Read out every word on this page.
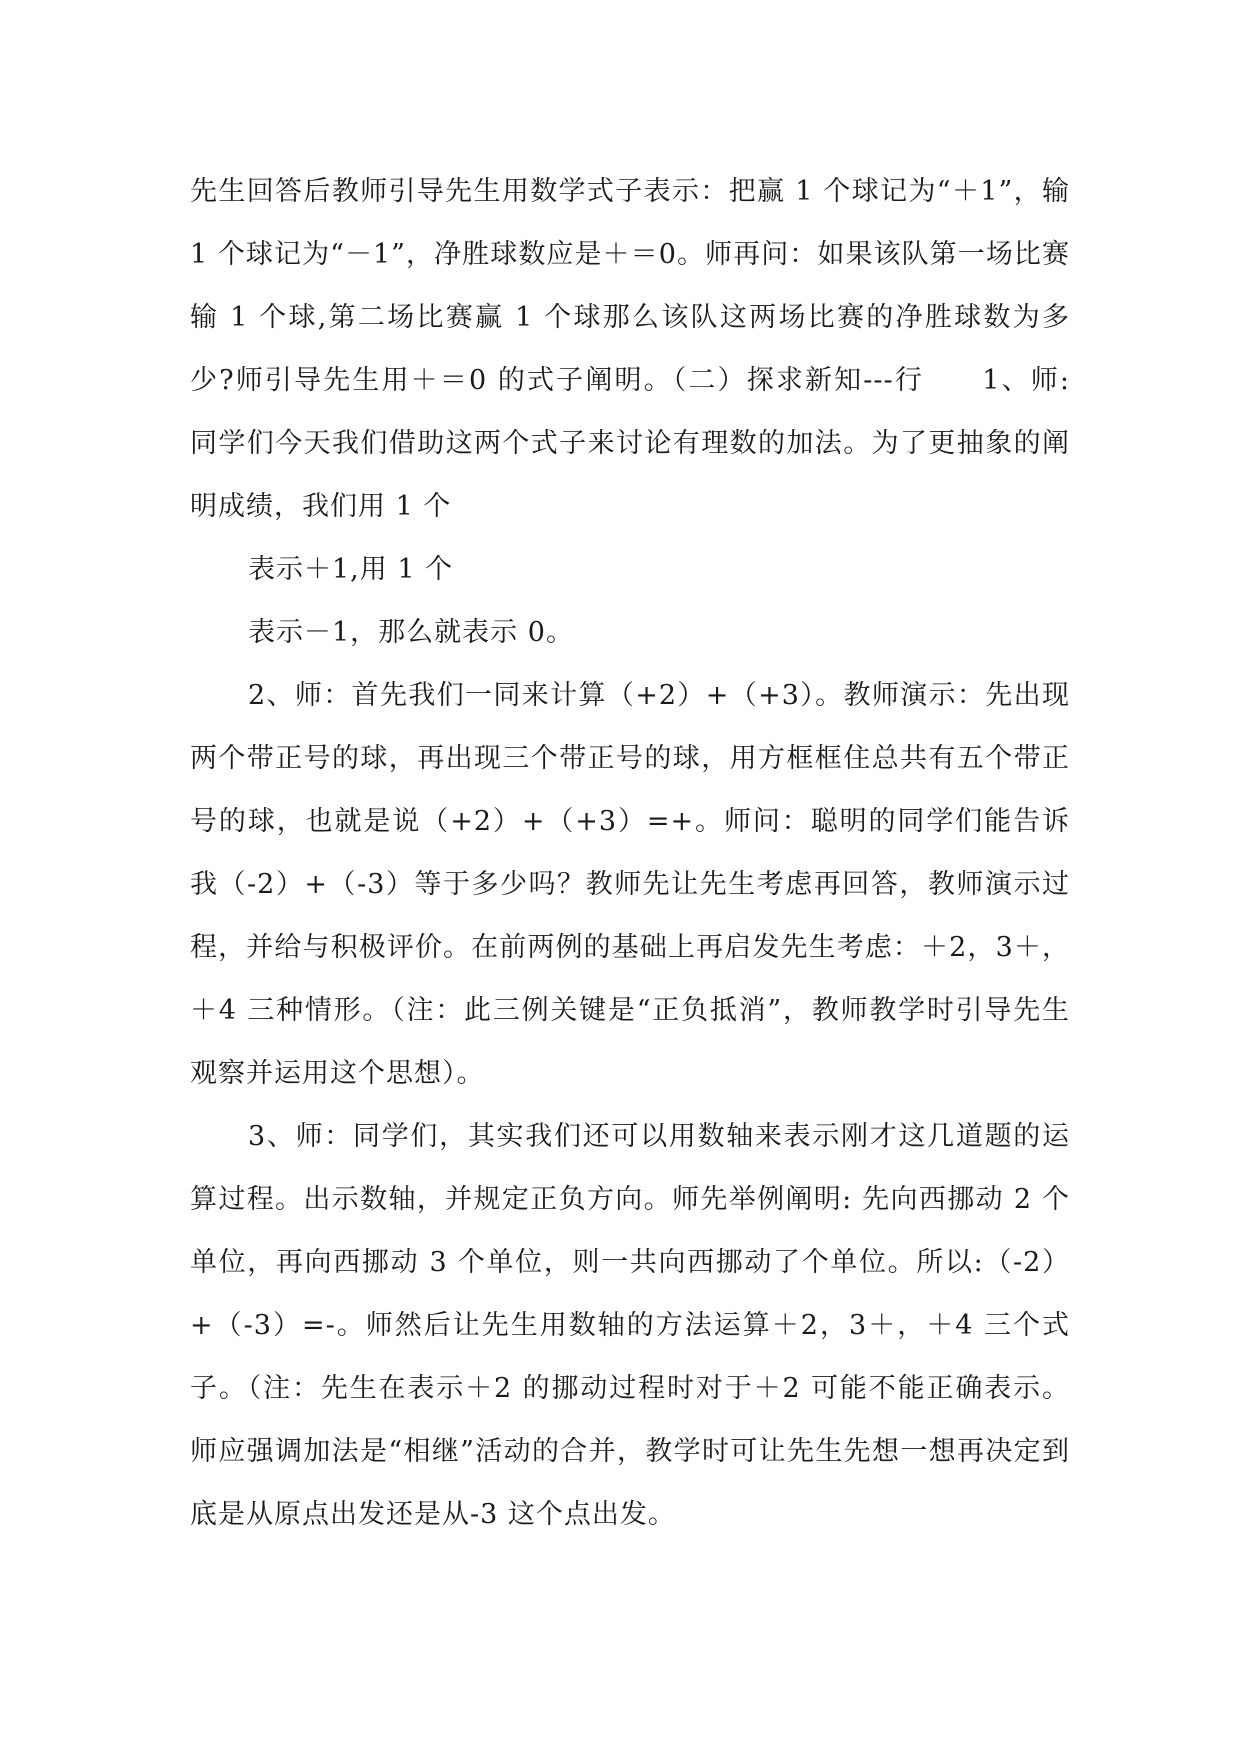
先生回答后教师引导先生用数学式子表示：把赢 1 个球记为“＋1”，输 1 个球记为“－1”，净胜球数应是＋＝0。师再问：如果该队第一场比赛输 1 个球,第二场比赛赢 1 个球那么该队这两场比赛的净胜球数为多少?师引导先生用＋＝0 的式子阐明。（二）探求新知---行　　1、师: 同学们今天我们借助这两个式子来讨论有理数的加法。为了更抽象的阐明成绩，我们用 1 个

表示＋1,用 1 个

表示－1，那么就表示 0。

2、师：首先我们一同来计算（+2）+（+3）。教师演示：先出现两个带正号的球，再出现三个带正号的球，用方框框住总共有五个带正号的球，也就是说（+2）+（+3）=+。师问：聪明的同学们能告诉我（-2）+（-3）等于多少吗？教师先让先生考虑再回答，教师演示过程，并给与积极评价。在前两例的基础上再启发先生考虑：＋2，3＋，＋4 三种情形。（注：此三例关键是“正负抵消”，教师教学时引导先生观察并运用这个思想）。

3、师：同学们，其实我们还可以用数轴来表示刚才这几道题的运算过程。出示数轴，并规定正负方向。师先举例阐明: 先向西挪动 2 个单位，再向西挪动 3 个单位，则一共向西挪动了个单位。所以:（-2）+（-3）=-。师然后让先生用数轴的方法运算＋2，3＋，＋4 三个式子。（注：先生在表示＋2 的挪动过程时对于＋2 可能不能正确表示。师应强调加法是“相继”活动的合并，教学时可让先生先想一想再决定到底是从原点出发还是从-3 这个点出发。
